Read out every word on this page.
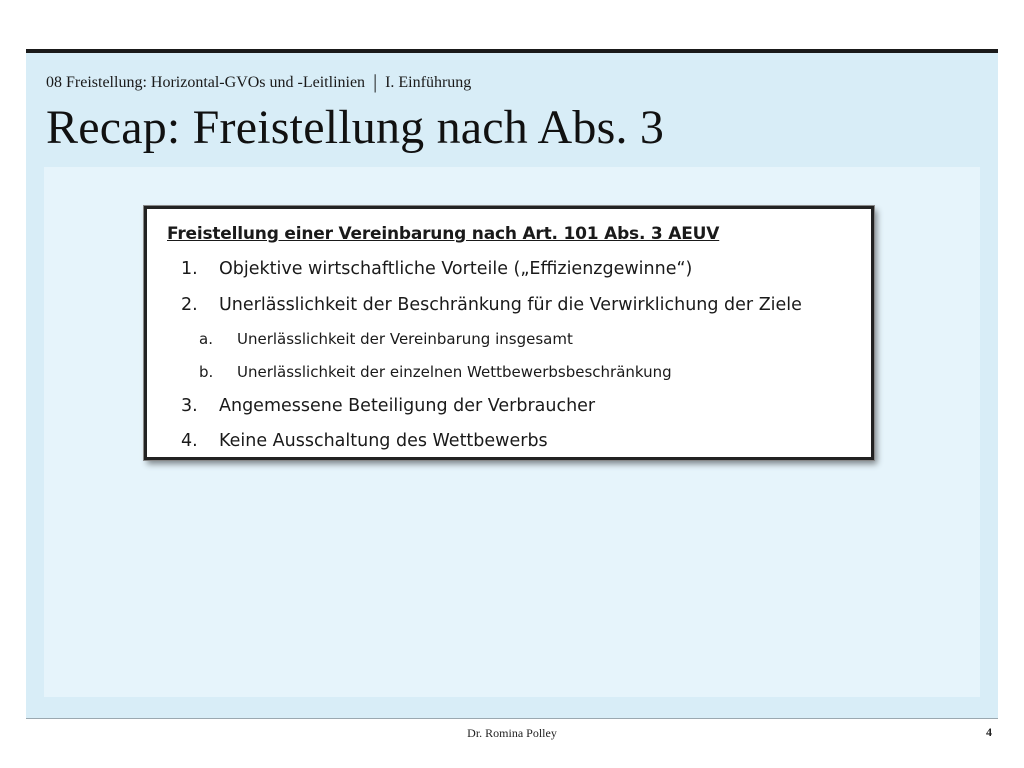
08 Freistellung: Horizontal-GVOs und -Leitlinien | I. Einführung
Recap: Freistellung nach Abs. 3
Freistellung einer Vereinbarung nach Art. 101 Abs. 3 AEUV
1. Objektive wirtschaftliche Vorteile („Effizienzgewinne“)
2. Unerlässlichkeit der Beschränkung für die Verwirklichung der Ziele
a. Unerlässlichkeit der Vereinbarung insgesamt
b. Unerlässlichkeit der einzelnen Wettbewerbsbeschränkung
3. Angemessene Beteiligung der Verbraucher
4. Keine Ausschaltung des Wettbewerbs
Dr. Romina Polley	4
